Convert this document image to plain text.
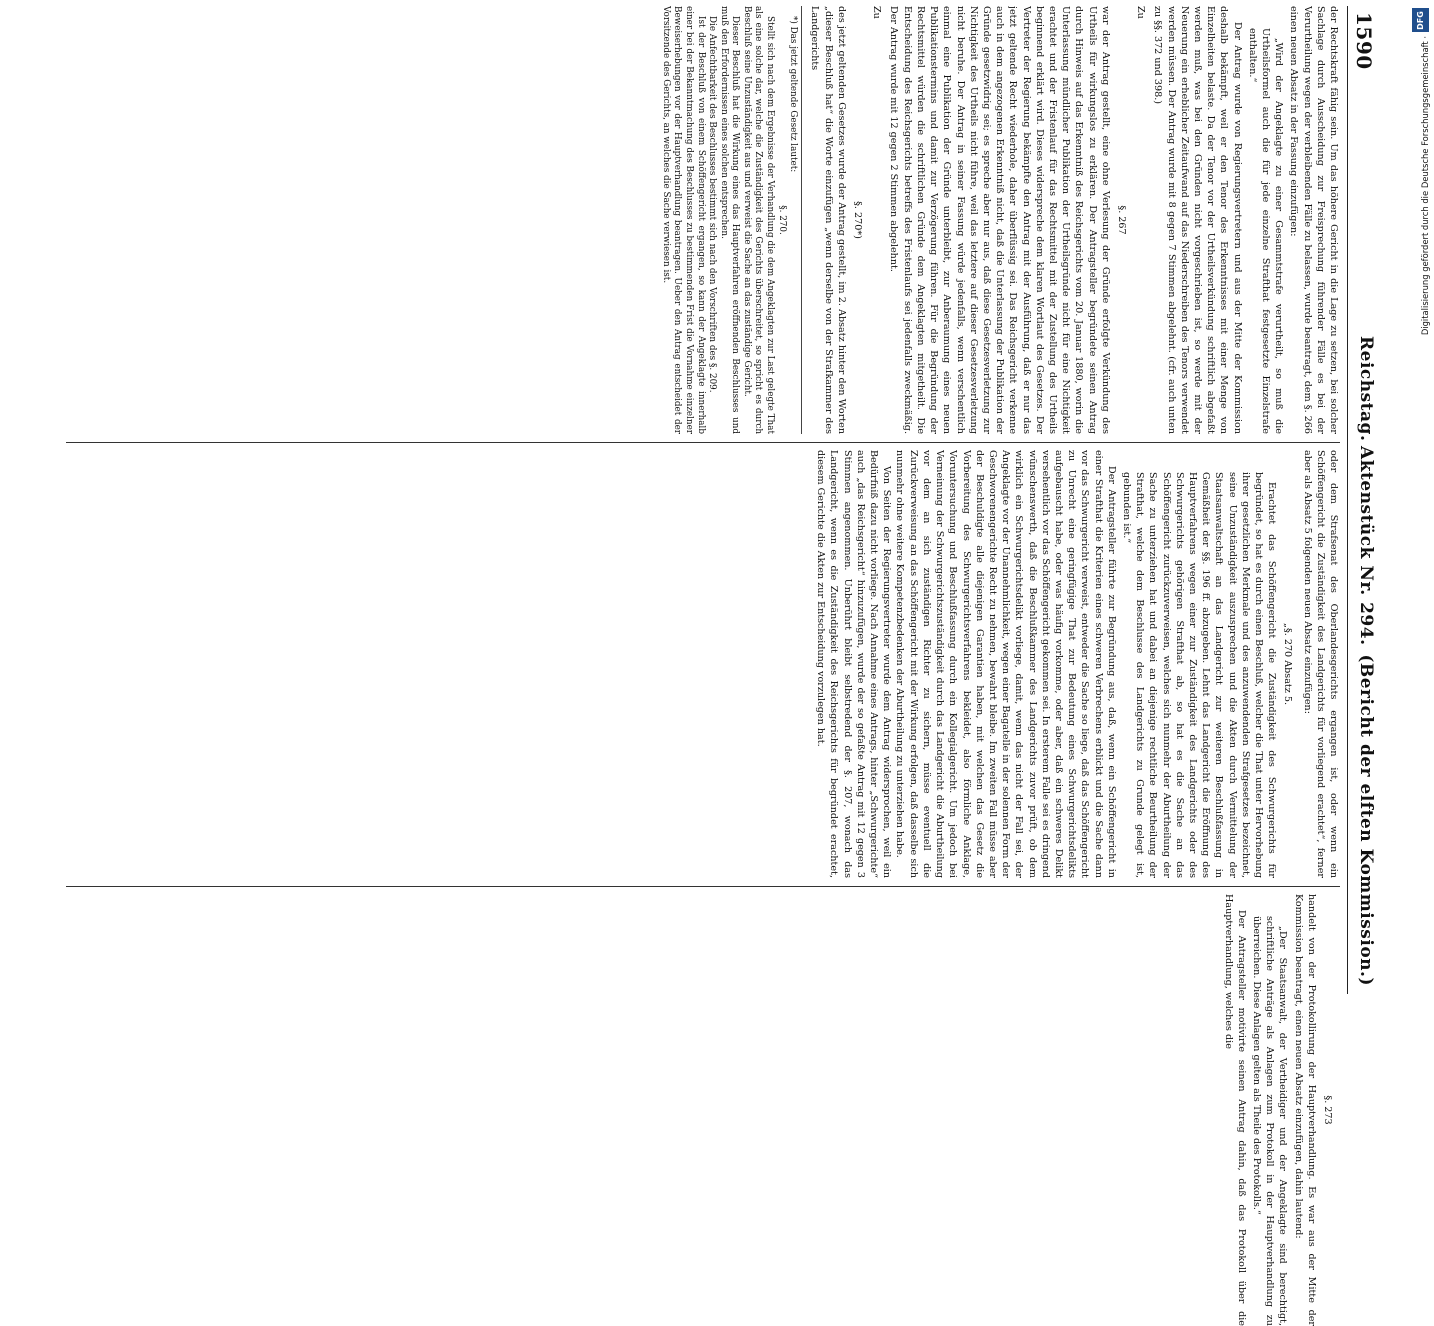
1590
Reichstag.
Aktenstück Nr. 294.
(Bericht der elften Kommission.)

der Rechtskraft fähig sein. Um das höhere Gericht in die Lage zu setzen, bei solcher Sachlage durch Ausscheidung zur Freisprechung führender Fälle es bei der Verurtheilung wegen der verbleibenden Fälle zu belassen, wurde beantragt, dem §. 266 einen neuen Absatz in der Fassung einzufügen:

„Wird der Angeklagte zu einer Gesammtstrafe verurtheilt, so muß die Urtheilsformel auch die für jede einzelne Strafthat festgesetzte Einzelstrafe enthalten.“

Der Antrag wurde von Regierungsvertretern und aus der Mitte der Kommission deshalb bekämpft, weil er den Tenor des Erkenntnisses mit einer Menge von Einzelheiten belaste. Da der Tenor vor der Urtheilsverkündung schriftlich abgefaßt werden muß, was bei den Gründen nicht vorgeschrieben ist, so werde mit der Neuerung ein erheblicher Zeitaufwand auf das Niederschreiben des Tenors verwendet werden müssen. Der Antrag wurde mit 8 gegen 7 Stimmen abgelehnt. (cfr. auch unten zu §§. 372 und 398.)

Zu

§. 267

war der Antrag gestellt, eine ohne Verlesung der Gründe erfolgte Verkündung des Urtheils für wirkungslos zu erklären. Der Antragsteller begründete seinen Antrag durch Hinweis auf das Erkenntniß des Reichsgerichts vom 20. Januar 1880, worin die Unterlassung mündlicher Publikation der Urtheilsgründe nicht für eine Nichtigkeit erachtet und der Fristenlauf für das Rechtsmittel mit der Zustellung des Urtheils beginnend erklärt wird. Dieses widerspreche dem klaren Wortlaut des Gesetzes. Der Vertreter der Regierung bekämpfte den Antrag mit der Ausführung, daß er nur das jetzt geltende Recht wiederhole, daher überflüssig sei. Das Reichsgericht verkenne auch in dem angezogenen Erkenntniß nicht, daß die Unterlassung der Publikation der Gründe gesetzwidrig sei; es spreche aber nur aus, daß diese Gesetzesverletzung zur Nichtigkeit des Urtheils nicht führe, weil das letztere auf dieser Gesetzesverletzung nicht beruhe. Der Antrag in seiner Fassung würde jedenfalls, wenn verschentlich einmal eine Publikation der Gründe unterbleibt, zur Anberaumung eines neuen Publikationstermins und damit zur Verzögerung führen. Für die Begründung der Rechtsmittel würden die schriftlichen Gründe dem Angeklagten mitgetheilt. Die Entscheidung des Reichsgerichts betreffs des Fristenlaufs sei jedenfalls zweckmäßig. Der Antrag wurde mit 12 gegen 2 Stimmen abgelehnt.

Zu

§. 270*)

des jetzt geltenden Gesetzes wurde der Antrag gestellt, im 2. Absatz hinter den Worten „dieser Beschluß hat“ die Worte einzufügen „wenn derselbe von der Strafkammer des Landgerichts

*) Das jetzt geltende Gesetz lautet:

§. 270.

Stellt sich nach dem Ergebnisse der Verhandlung die dem Angeklagten zur Last gelegte That als eine solche dar, welche die Zuständigkeit des Gerichts überschreitet, so spricht es durch Beschluß seine Unzuständigkeit aus und verweist die Sache an das zuständige Gericht.

Dieser Beschluß hat die Wirkung eines das Hauptverfahren eröffnenden Beschlusses und muß den Erfordernissen eines solchen entsprechen.

Die Anfechtbarkeit des Beschlusses bestimmt sich nach den Vorschriften des §. 209.

Ist der Beschluß von einem Schöffengericht ergangen, so kann der Angeklagte innerhalb einer bei der Bekanntmachung des Beschlusses zu bestimmenden Frist die Vornahme einzelner Beweiserhebungen vor der Hauptverhandlung beantragen. Ueber den Antrag entscheidet der Vorsitzende des Gerichts, an welches die Sache verwiesen ist.

oder dem Strafsenat des Oberlandesgerichts ergangen ist, oder wenn ein Schöffengericht die Zuständigkeit des Landgerichts für vorliegend erachtet“, ferner aber als Absatz 5 folgenden neuen Absatz einzufügen:

„§. 270 Absatz 5.

Erachtet das Schöffengericht die Zuständigkeit des Schwurgerichts für begründet, so hat es durch einen Beschluß, welcher die That unter Hervorhebung ihrer gesetzlichen Merkmale und des anzuwendenden Strafgesetzes bezeichnet, seine Unzuständigkeit auszusprechen und die Akten durch Vermittelung der Staatsanwaltschaft an das Landgericht zur weiteren Beschlußfassung in Gemäßheit der §§. 196 ff. abzugeben. Lehnt das Landgericht die Eröffnung des Hauptverfahrens wegen einer zur Zuständigkeit des Landgerichts oder des Schwurgerichts gehörigen Strafthat ab, so hat es die Sache an das Schöffengericht zurückzuverweisen, welches sich nunmehr der Aburtheilung der Sache zu unterziehen hat und dabei an diejenige rechtliche Beurtheilung der Strafthat, welche dem Beschlusse des Landgerichts zu Grunde gelegt ist, gebunden ist.“

Der Antragsteller führte zur Begründung aus, daß, wenn ein Schöffengericht in einer Strafthat die Kriterien eines schweren Verbrechens erblickt und die Sache dann vor das Schwurgericht verweist, entweder die Sache so liege, daß das Schöffengericht zu Unrecht eine geringfügige That zur Bedeutung eines Schwurgerichtsdelikts aufgebauscht habe, oder was häufig vorkomme, oder aber, daß ein schweres Delikt versehentlich vor das Schöffengericht gekommen sei. In ersterem Falle sei es dringend wünschenswerth, daß die Beschlußkammer des Landgerichts zuvor prüft, ob dem wirklich ein Schwurgerichtsdelikt vorliege, damit, wenn das nicht der Fall sei, der Angeklagte vor der Unannehmlichkeit, wegen einer Bagatelle in der solennen Form der Geschworenengerichte Recht zu nehmen, bewahrt bleibe. Im zweiten Fall müsse aber der Beschuldigte alle diejenigen Garantien haben, mit welchen das Gesetz die Vorbereitung des Schwurgerichtsverfahrens bekleidet, also förmliche Anklage, Voruntersuchung und Beschlußfassung durch ein Kollegialgericht. Um jedoch bei Verneinung der Schwurgerichtszuständigkeit durch das Landgericht die Aburtheilung vor dem an sich zuständigen Richter zu sichern, müsse eventuell die Zurückverweisung an das Schöffengericht mit der Wirkung erfolgen, daß dasselbe sich nunmehr ohne weitere Kompetenzbedenken der Aburtheilung zu unterziehen habe.

Von Seiten der Regierungsvertreter wurde dem Antrag widersprochen, weil ein Bedürfniß dazu nicht vorliege. Nach Annahme eines Antrags, hinter „Schwurgerichte“ auch „das Reichsgericht“ hinzuzufügen, wurde der so gefaßte Antrag mit 12 gegen 3 Stimmen angenommen. Unberührt bleibt selbstredend der §. 207, wonach das Landgericht, wenn es die Zuständigkeit des Reichsgerichts für begründet erachtet, diesem Gerichte die Akten zur Entscheidung vorzulegen hat.

§. 273

handelt von der Protokollirung der Hauptverhandlung. Es war aus der Mitte der Kommission beantragt, einen neuen Absatz einzufügen, dahin lautend:

„Der Staatsanwalt, der Vertheidiger und der Angeklagte sind berechtigt, schriftliche Anträge als Anlagen zum Protokoll in der Hauptverhandlung zu überreichen. Diese Anlagen gelten als Theile des Protokolls.“

Der Antragsteller motivirte seinen Antrag dahin, daß das Protokoll über die Hauptverhandlung, welches die

DFG
Digitalisierung gefördert durch die Deutsche Forschungsgemeinschaft ·
